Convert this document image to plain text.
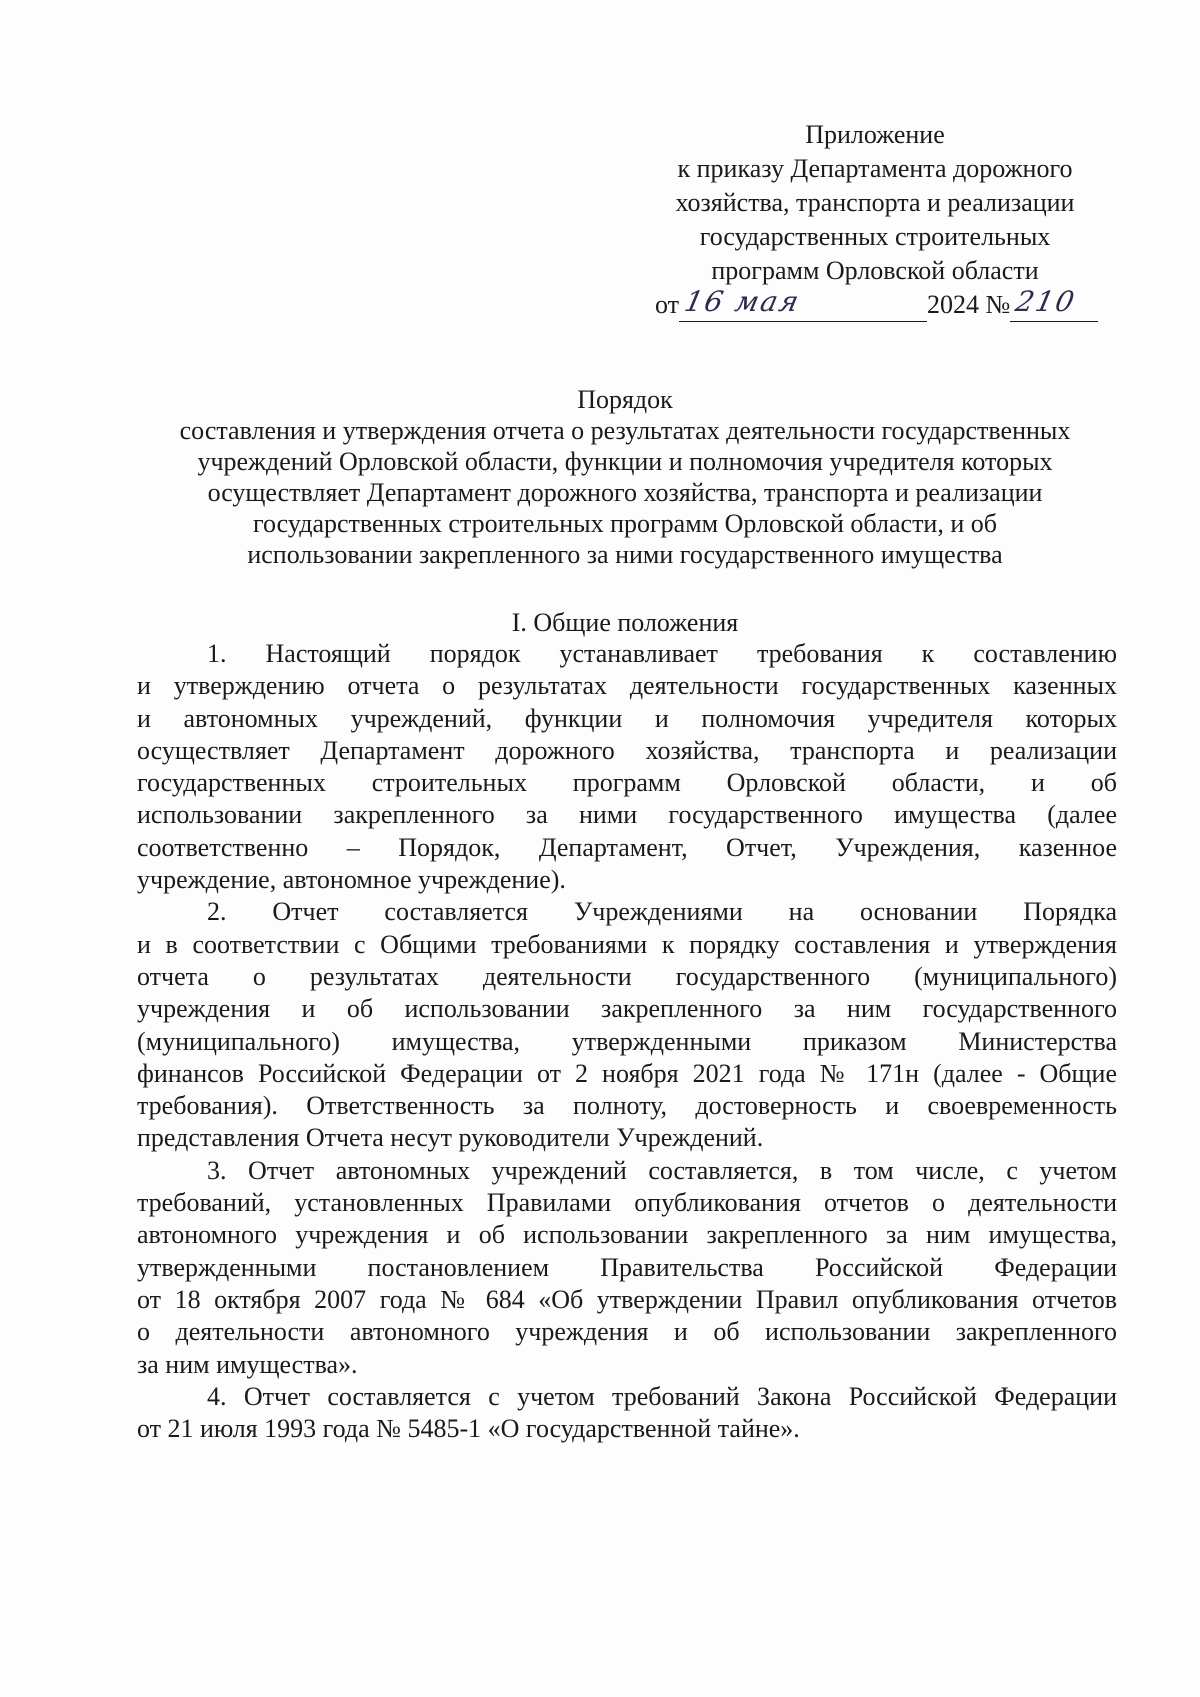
Приложение
к приказу Департамента дорожного
хозяйства, транспорта и реализации
государственных строительных
программ Орловской области
от 16 мая	2024 № 210
Порядок
составления и утверждения отчета о результатах деятельности государственных
учреждений Орловской области, функции и полномочия учредителя которых
осуществляет Департамент дорожного хозяйства, транспорта и реализации
государственных строительных программ Орловской области, и об
использовании закрепленного за ними государственного имущества
I. Общие положения
1. Настоящий порядок устанавливает требования к составлению
и утверждению отчета о результатах деятельности государственных казенных
и автономных учреждений, функции и полномочия учредителя которых
осуществляет Департамент дорожного хозяйства, транспорта и реализации
государственных строительных программ Орловской области, и об
использовании закрепленного за ними государственного имущества (далее
соответственно – Порядок, Департамент, Отчет, Учреждения, казенное
учреждение, автономное учреждение).
2. Отчет составляется Учреждениями на основании Порядка
и в соответствии с Общими требованиями к порядку составления и утверждения
отчета о результатах деятельности государственного (муниципального)
учреждения и об использовании закрепленного за ним государственного
(муниципального) имущества, утвержденными приказом Министерства
финансов Российской Федерации от 2 ноября 2021 года № 171н (далее - Общие
требования). Ответственность за полноту, достоверность и своевременность
представления Отчета несут руководители Учреждений.
3. Отчет автономных учреждений составляется, в том числе, с учетом
требований, установленных Правилами опубликования отчетов о деятельности
автономного учреждения и об использовании закрепленного за ним имущества,
утвержденными постановлением Правительства Российской Федерации
от 18 октября 2007 года № 684 «Об утверждении Правил опубликования отчетов
о деятельности автономного учреждения и об использовании закрепленного
за ним имущества».
4. Отчет составляется с учетом требований Закона Российской Федерации
от 21 июля 1993 года № 5485-1 «О государственной тайне».
